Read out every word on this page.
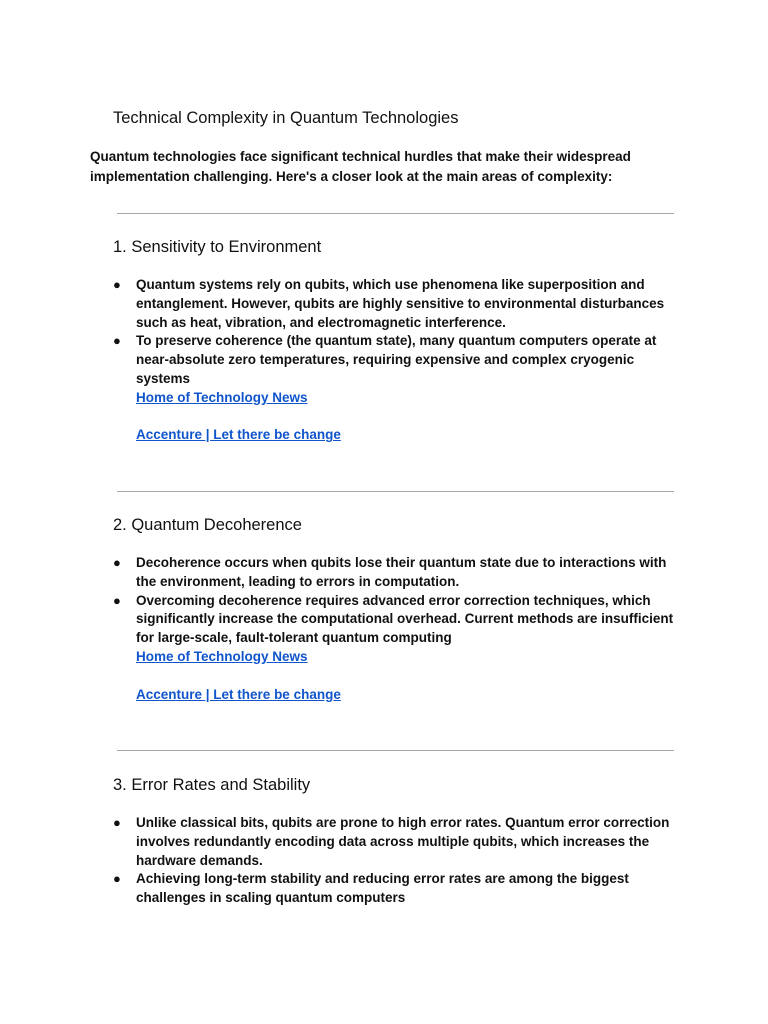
Technical Complexity in Quantum Technologies

Quantum technologies face significant technical hurdles that make their widespread implementation challenging. Here's a closer look at the main areas of complexity:

1. Sensitivity to Environment
● Quantum systems rely on qubits, which use phenomena like superposition and entanglement. However, qubits are highly sensitive to environmental disturbances such as heat, vibration, and electromagnetic interference.
● To preserve coherence (the quantum state), many quantum computers operate at near-absolute zero temperatures, requiring expensive and complex cryogenic systems
Home of Technology News
Accenture | Let there be change
2. Quantum Decoherence
● Decoherence occurs when qubits lose their quantum state due to interactions with the environment, leading to errors in computation.
● Overcoming decoherence requires advanced error correction techniques, which significantly increase the computational overhead. Current methods are insufficient for large-scale, fault-tolerant quantum computing
Home of Technology News
Accenture | Let there be change
3. Error Rates and Stability
● Unlike classical bits, qubits are prone to high error rates. Quantum error correction involves redundantly encoding data across multiple qubits, which increases the hardware demands.
● Achieving long-term stability and reducing error rates are among the biggest challenges in scaling quantum computers
